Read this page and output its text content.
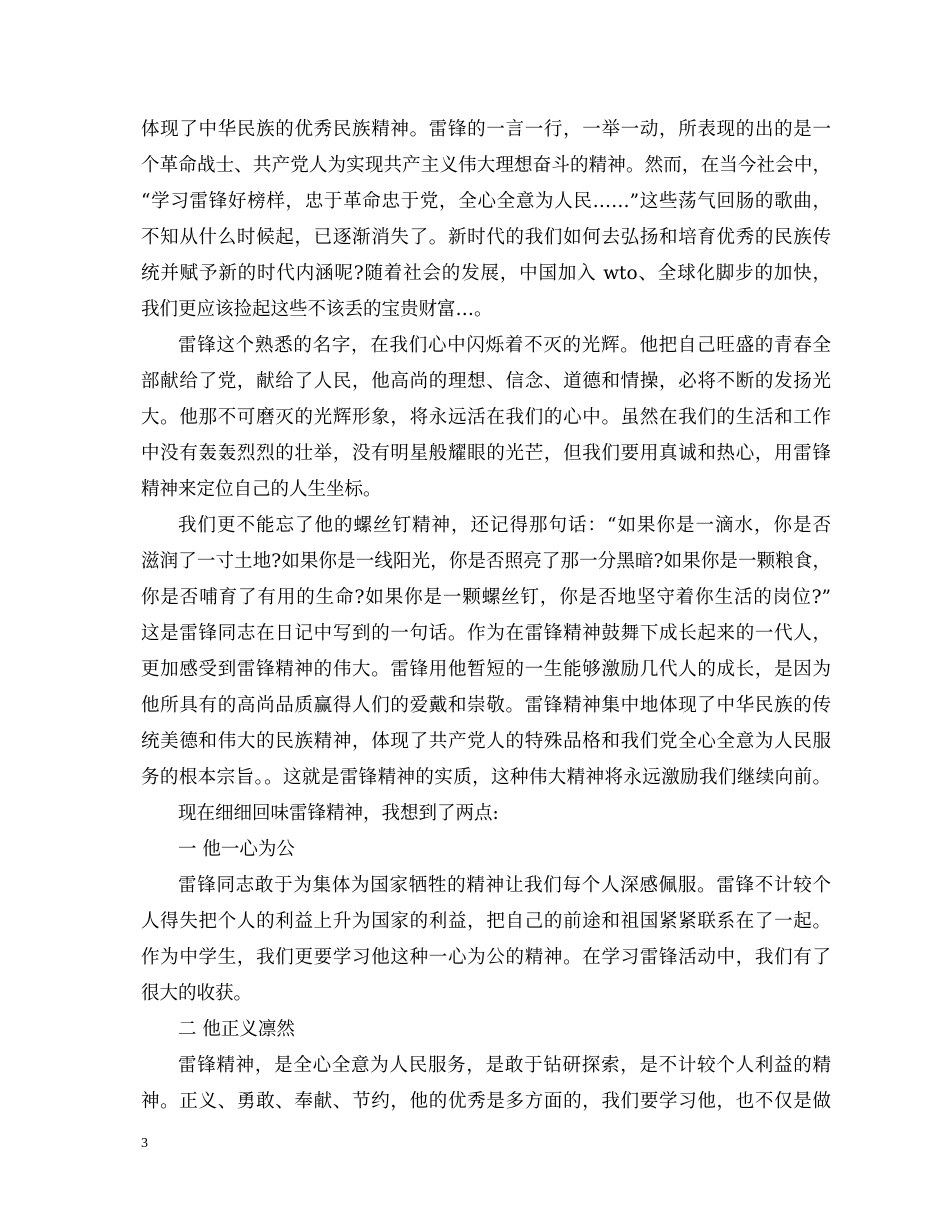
体现了中华民族的优秀民族精神。雷锋的一言一行，一举一动，所表现的出的是一
个革命战士、共产党人为实现共产主义伟大理想奋斗的精神。然而，在当今社会中，
“学习雷锋好榜样，忠于革命忠于党，全心全意为人民……”这些荡气回肠的歌曲，
不知从什么时候起，已逐渐消失了。新时代的我们如何去弘扬和培育优秀的民族传
统并赋予新的时代内涵呢?随着社会的发展，中国加入 wto、全球化脚步的加快，
我们更应该捡起这些不该丢的宝贵财富…。
雷锋这个熟悉的名字，在我们心中闪烁着不灭的光辉。他把自己旺盛的青春全
部献给了党，献给了人民，他高尚的理想、信念、道德和情操，必将不断的发扬光
大。他那不可磨灭的光辉形象，将永远活在我们的心中。虽然在我们的生活和工作
中没有轰轰烈烈的壮举，没有明星般耀眼的光芒，但我们要用真诚和热心，用雷锋
精神来定位自己的人生坐标。
我们更不能忘了他的螺丝钉精神，还记得那句话：“如果你是一滴水，你是否
滋润了一寸土地?如果你是一线阳光，你是否照亮了那一分黑暗?如果你是一颗粮食，
你是否哺育了有用的生命?如果你是一颗螺丝钉，你是否地坚守着你生活的岗位?”
这是雷锋同志在日记中写到的一句话。作为在雷锋精神鼓舞下成长起来的一代人，
更加感受到雷锋精神的伟大。雷锋用他暂短的一生能够激励几代人的成长，是因为
他所具有的高尚品质赢得人们的爱戴和崇敬。雷锋精神集中地体现了中华民族的传
统美德和伟大的民族精神，体现了共产党人的特殊品格和我们党全心全意为人民服
务的根本宗旨。。这就是雷锋精神的实质，这种伟大精神将永远激励我们继续向前。
现在细细回味雷锋精神，我想到了两点:
一 他一心为公
雷锋同志敢于为集体为国家牺牲的精神让我们每个人深感佩服。雷锋不计较个
人得失把个人的利益上升为国家的利益，把自己的前途和祖国紧紧联系在了一起。
作为中学生，我们更要学习他这种一心为公的精神。在学习雷锋活动中，我们有了
很大的收获。
二 他正义凛然
雷锋精神，是全心全意为人民服务，是敢于钻研探索，是不计较个人利益的精
神。正义、勇敢、奉献、节约，他的优秀是多方面的，我们要学习他，也不仅是做
3
